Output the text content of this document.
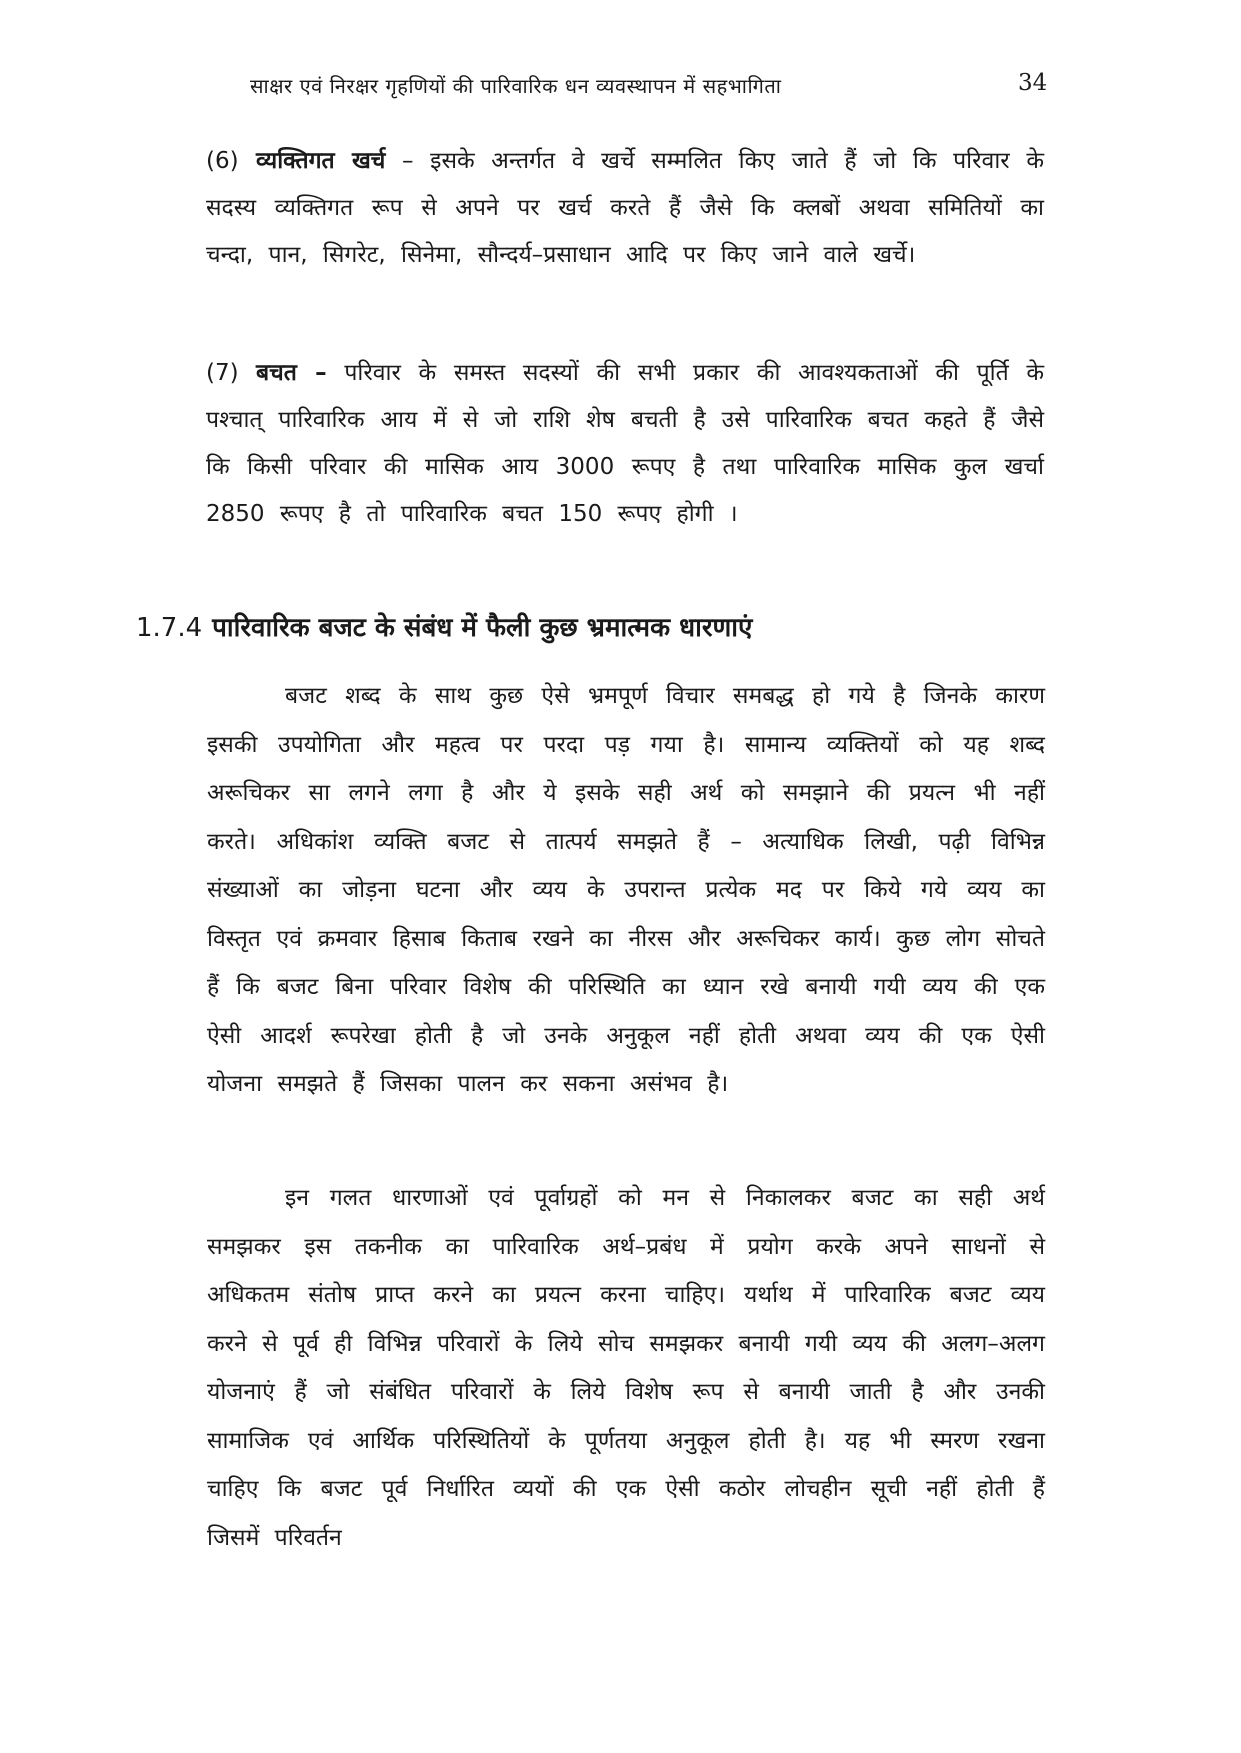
साक्षर एवं निरक्षर गृहणियों की पारिवारिक धन व्यवस्थापन में सहभागिता	34
(6) व्यक्तिगत खर्च – इसके अन्तर्गत वे खर्चे सम्मलित किए जाते हैं जो कि परिवार के सदस्य व्यक्तिगत रूप से अपने पर खर्च करते हैं जैसे कि क्लबों अथवा समितियों का चन्दा, पान, सिगरेट, सिनेमा, सौन्दर्य–प्रसाधान आदि पर किए जाने वाले खर्चे।
(7) बचत – परिवार के समस्त सदस्यों की सभी प्रकार की आवश्यकताओं की पूर्ति के पश्चात् पारिवारिक आय में से जो राशि शेष बचती है उसे पारिवारिक बचत कहते हैं जैसे कि किसी परिवार की मासिक आय 3000 रूपए है तथा पारिवारिक मासिक कुल खर्चा 2850 रूपए है तो पारिवारिक बचत 150 रूपए होगी ।
1.7.4 पारिवारिक बजट के संबंध में फैली कुछ भ्रमात्मक धारणाएं

बजट शब्द के साथ कुछ ऐसे भ्रमपूर्ण विचार समबद्ध हो गये है जिनके कारण इसकी उपयोगिता और महत्व पर परदा पड़ गया है। सामान्य व्यक्तियों को यह शब्द अरूचिकर सा लगने लगा है और ये इसके सही अर्थ को समझाने की प्रयत्न भी नहीं करते। अधिकांश व्यक्ति बजट से तात्पर्य समझते हैं – अत्याधिक लिखी, पढ़ी विभिन्न संख्याओं का जोड़ना घटना और व्यय के उपरान्त प्रत्येक मद पर किये गये व्यय का विस्तृत एवं क्रमवार हिसाब किताब रखने का नीरस और अरूचिकर कार्य। कुछ लोग सोचते हैं कि बजट बिना परिवार विशेष की परिस्थिति का ध्यान रखे बनायी गयी व्यय की एक ऐसी आदर्श रूपरेखा होती है जो उनके अनुकूल नहीं होती अथवा व्यय की एक ऐसी योजना समझते हैं जिसका पालन कर सकना असंभव है।

इन गलत धारणाओं एवं पूर्वाग्रहों को मन से निकालकर बजट का सही अर्थ समझकर इस तकनीक का पारिवारिक अर्थ–प्रबंध में प्रयोग करके अपने साधनों से अधिकतम संतोष प्राप्त करने का प्रयत्न करना चाहिए। यर्थाथ में पारिवारिक बजट व्यय करने से पूर्व ही विभिन्न परिवारों के लिये सोच समझकर बनायी गयी व्यय की अलग–अलग योजनाएं हैं जो संबंधित परिवारों के लिये विशेष रूप से बनायी जाती है और उनकी सामाजिक एवं आर्थिक परिस्थितियों के पूर्णतया अनुकूल होती है। यह भी स्मरण रखना चाहिए कि बजट पूर्व निर्धारित व्ययों की एक ऐसी कठोर लोचहीन सूची नहीं होती हैं जिसमें परिवर्तन
